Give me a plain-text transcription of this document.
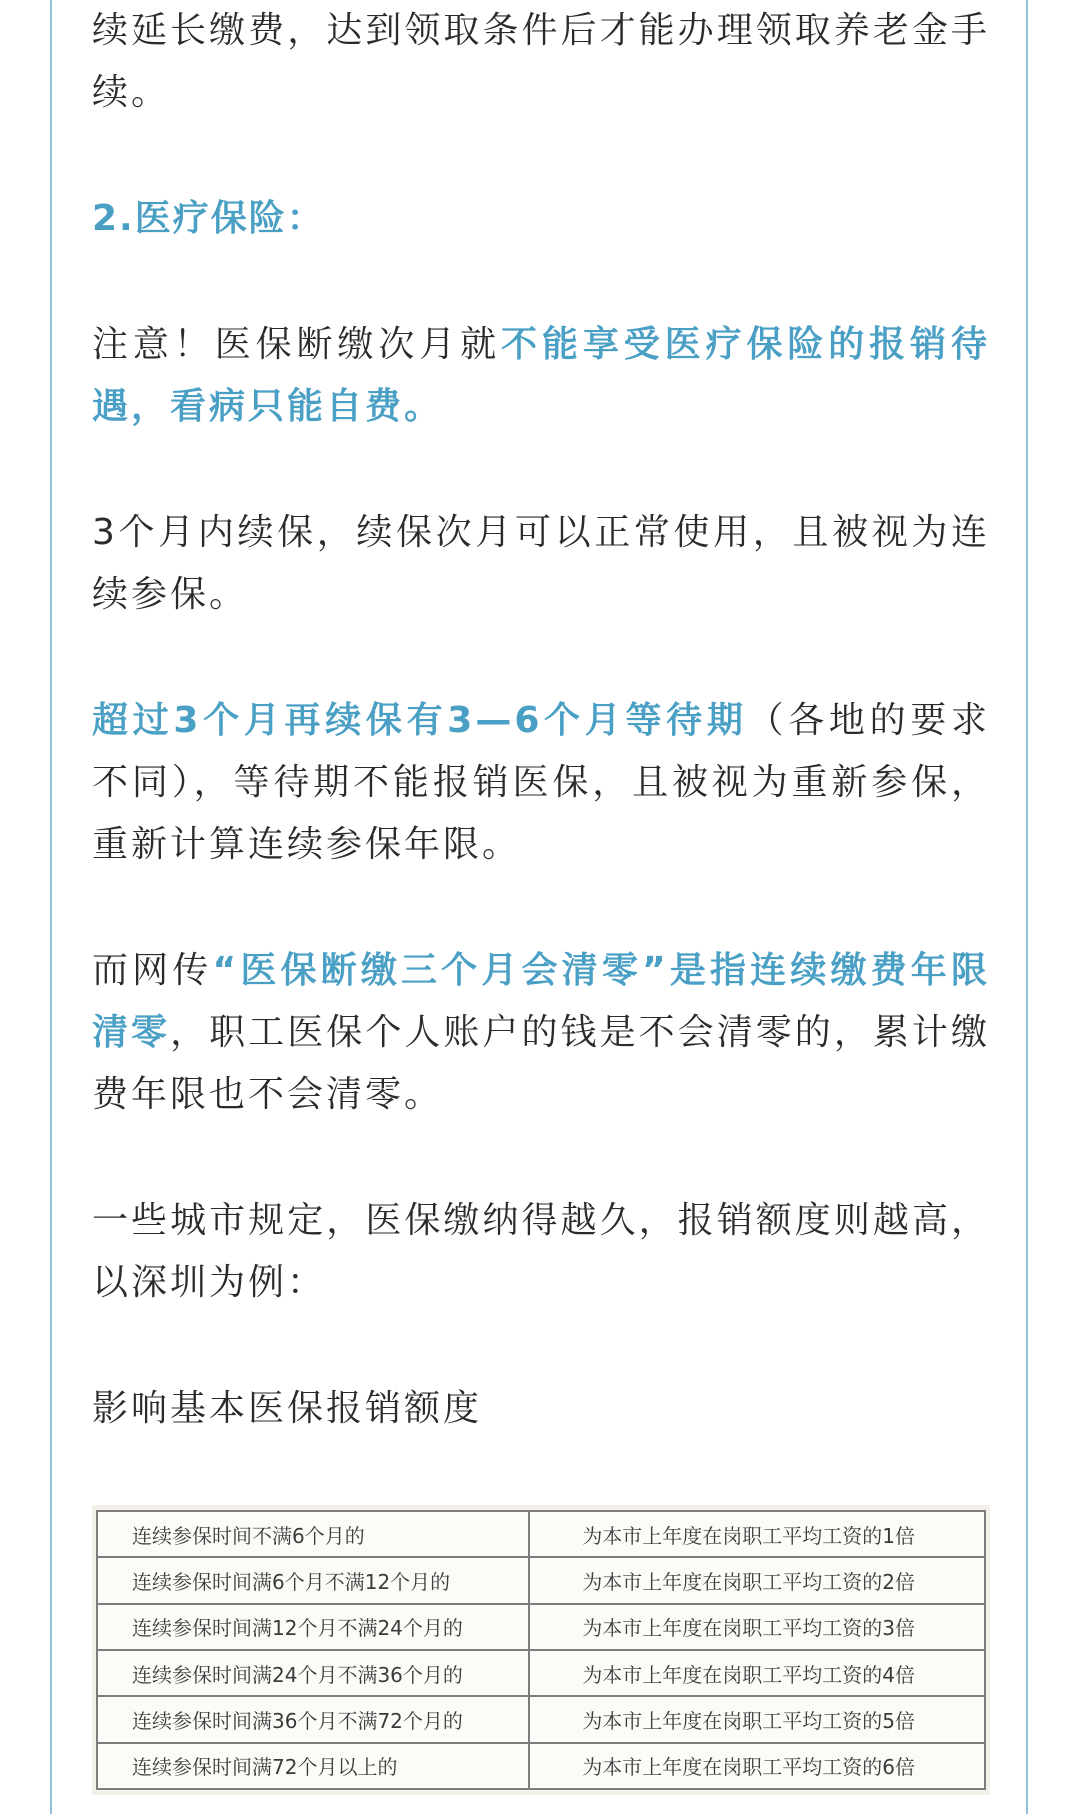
续延长缴费，达到领取条件后才能办理领取养老金手续。

2.医疗保险：

注意！医保断缴次月就不能享受医疗保险的报销待遇，看病只能自费。

3个月内续保，续保次月可以正常使用，且被视为连续参保。

超过3个月再续保有3—6个月等待期（各地的要求不同），等待期不能报销医保，且被视为重新参保，重新计算连续参保年限。

而网传“医保断缴三个月会清零”是指连续缴费年限清零，职工医保个人账户的钱是不会清零的，累计缴费年限也不会清零。

一些城市规定，医保缴纳得越久，报销额度则越高，以深圳为例：

影响基本医保报销额度

连续参保时间不满6个月的	为本市上年度在岗职工平均工资的1倍
连续参保时间满6个月不满12个月的	为本市上年度在岗职工平均工资的2倍
连续参保时间满12个月不满24个月的	为本市上年度在岗职工平均工资的3倍
连续参保时间满24个月不满36个月的	为本市上年度在岗职工平均工资的4倍
连续参保时间满36个月不满72个月的	为本市上年度在岗职工平均工资的5倍
连续参保时间满72个月以上的	为本市上年度在岗职工平均工资的6倍
